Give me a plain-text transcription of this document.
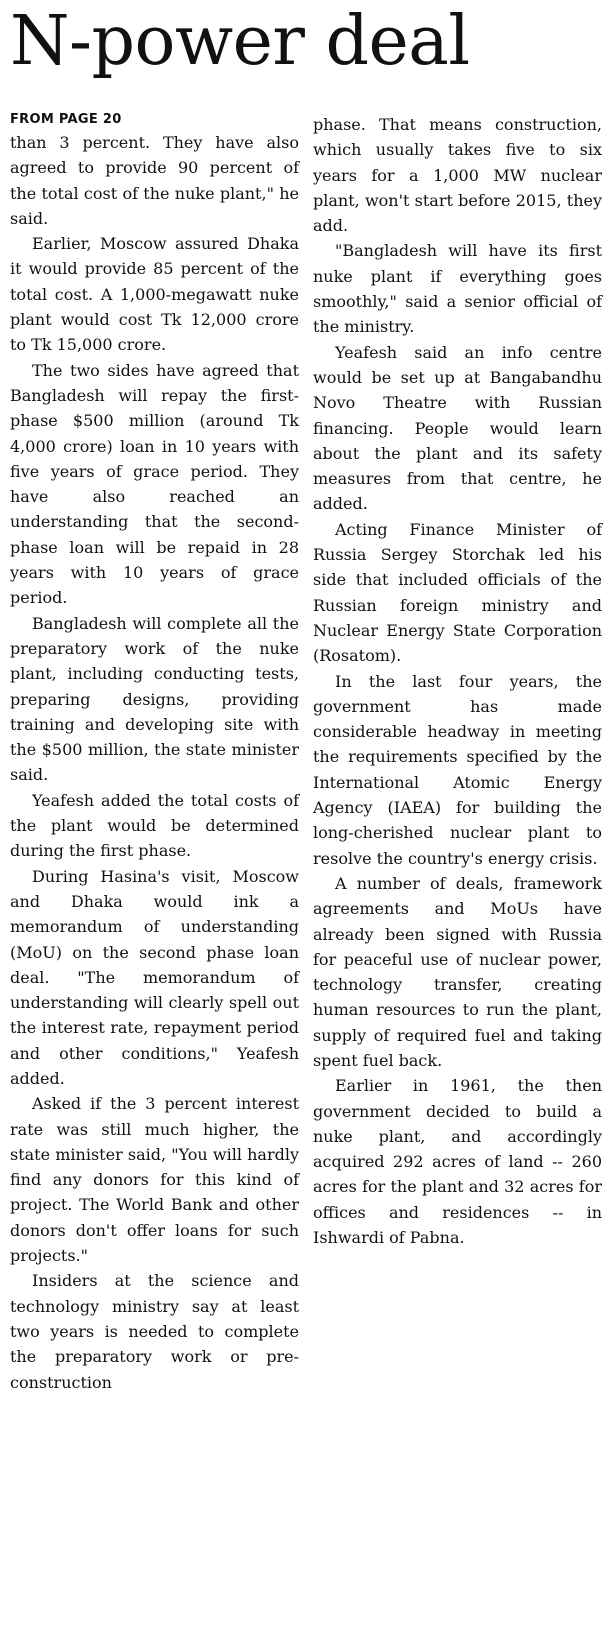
N-power deal
FROM PAGE 20

than 3 percent. They have also agreed to provide 90 percent of the total cost of the nuke plant," he said.

Earlier, Moscow assured Dhaka it would provide 85 percent of the total cost. A 1,000-megawatt nuke plant would cost Tk 12,000 crore to Tk 15,000 crore.

The two sides have agreed that Bangladesh will repay the first-phase $500 million (around Tk 4,000 crore) loan in 10 years with five years of grace period. They have also reached an understanding that the second-phase loan will be repaid in 28 years with 10 years of grace period.

Bangladesh will complete all the preparatory work of the nuke plant, including conducting tests, preparing designs, providing training and developing site with the $500 million, the state minister said.

Yeafesh added the total costs of the plant would be determined during the first phase.

During Hasina's visit, Moscow and Dhaka would ink a memorandum of understanding (MoU) on the second phase loan deal. "The memorandum of understanding will clearly spell out the interest rate, repayment period and other conditions," Yeafesh added.

Asked if the 3 percent interest rate was still much higher, the state minister said, "You will hardly find any donors for this kind of project. The World Bank and other donors don't offer loans for such projects."

Insiders at the science and technology ministry say at least two years is needed to complete the preparatory work or pre-construction

phase. That means construction, which usually takes five to six years for a 1,000 MW nuclear plant, won't start before 2015, they add.

"Bangladesh will have its first nuke plant if everything goes smoothly," said a senior official of the ministry.

Yeafesh said an info centre would be set up at Bangabandhu Novo Theatre with Russian financing. People would learn about the plant and its safety measures from that centre, he added.

Acting Finance Minister of Russia Sergey Storchak led his side that included officials of the Russian foreign ministry and Nuclear Energy State Corporation (Rosatom).

In the last four years, the government has made considerable headway in meeting the requirements specified by the International Atomic Energy Agency (IAEA) for building the long-cherished nuclear plant to resolve the country's energy crisis.

A number of deals, framework agreements and MoUs have already been signed with Russia for peaceful use of nuclear power, technology transfer, creating human resources to run the plant, supply of required fuel and taking spent fuel back.

Earlier in 1961, the then government decided to build a nuke plant, and accordingly acquired 292 acres of land -- 260 acres for the plant and 32 acres for offices and residences -- in Ishwardi of Pabna.
